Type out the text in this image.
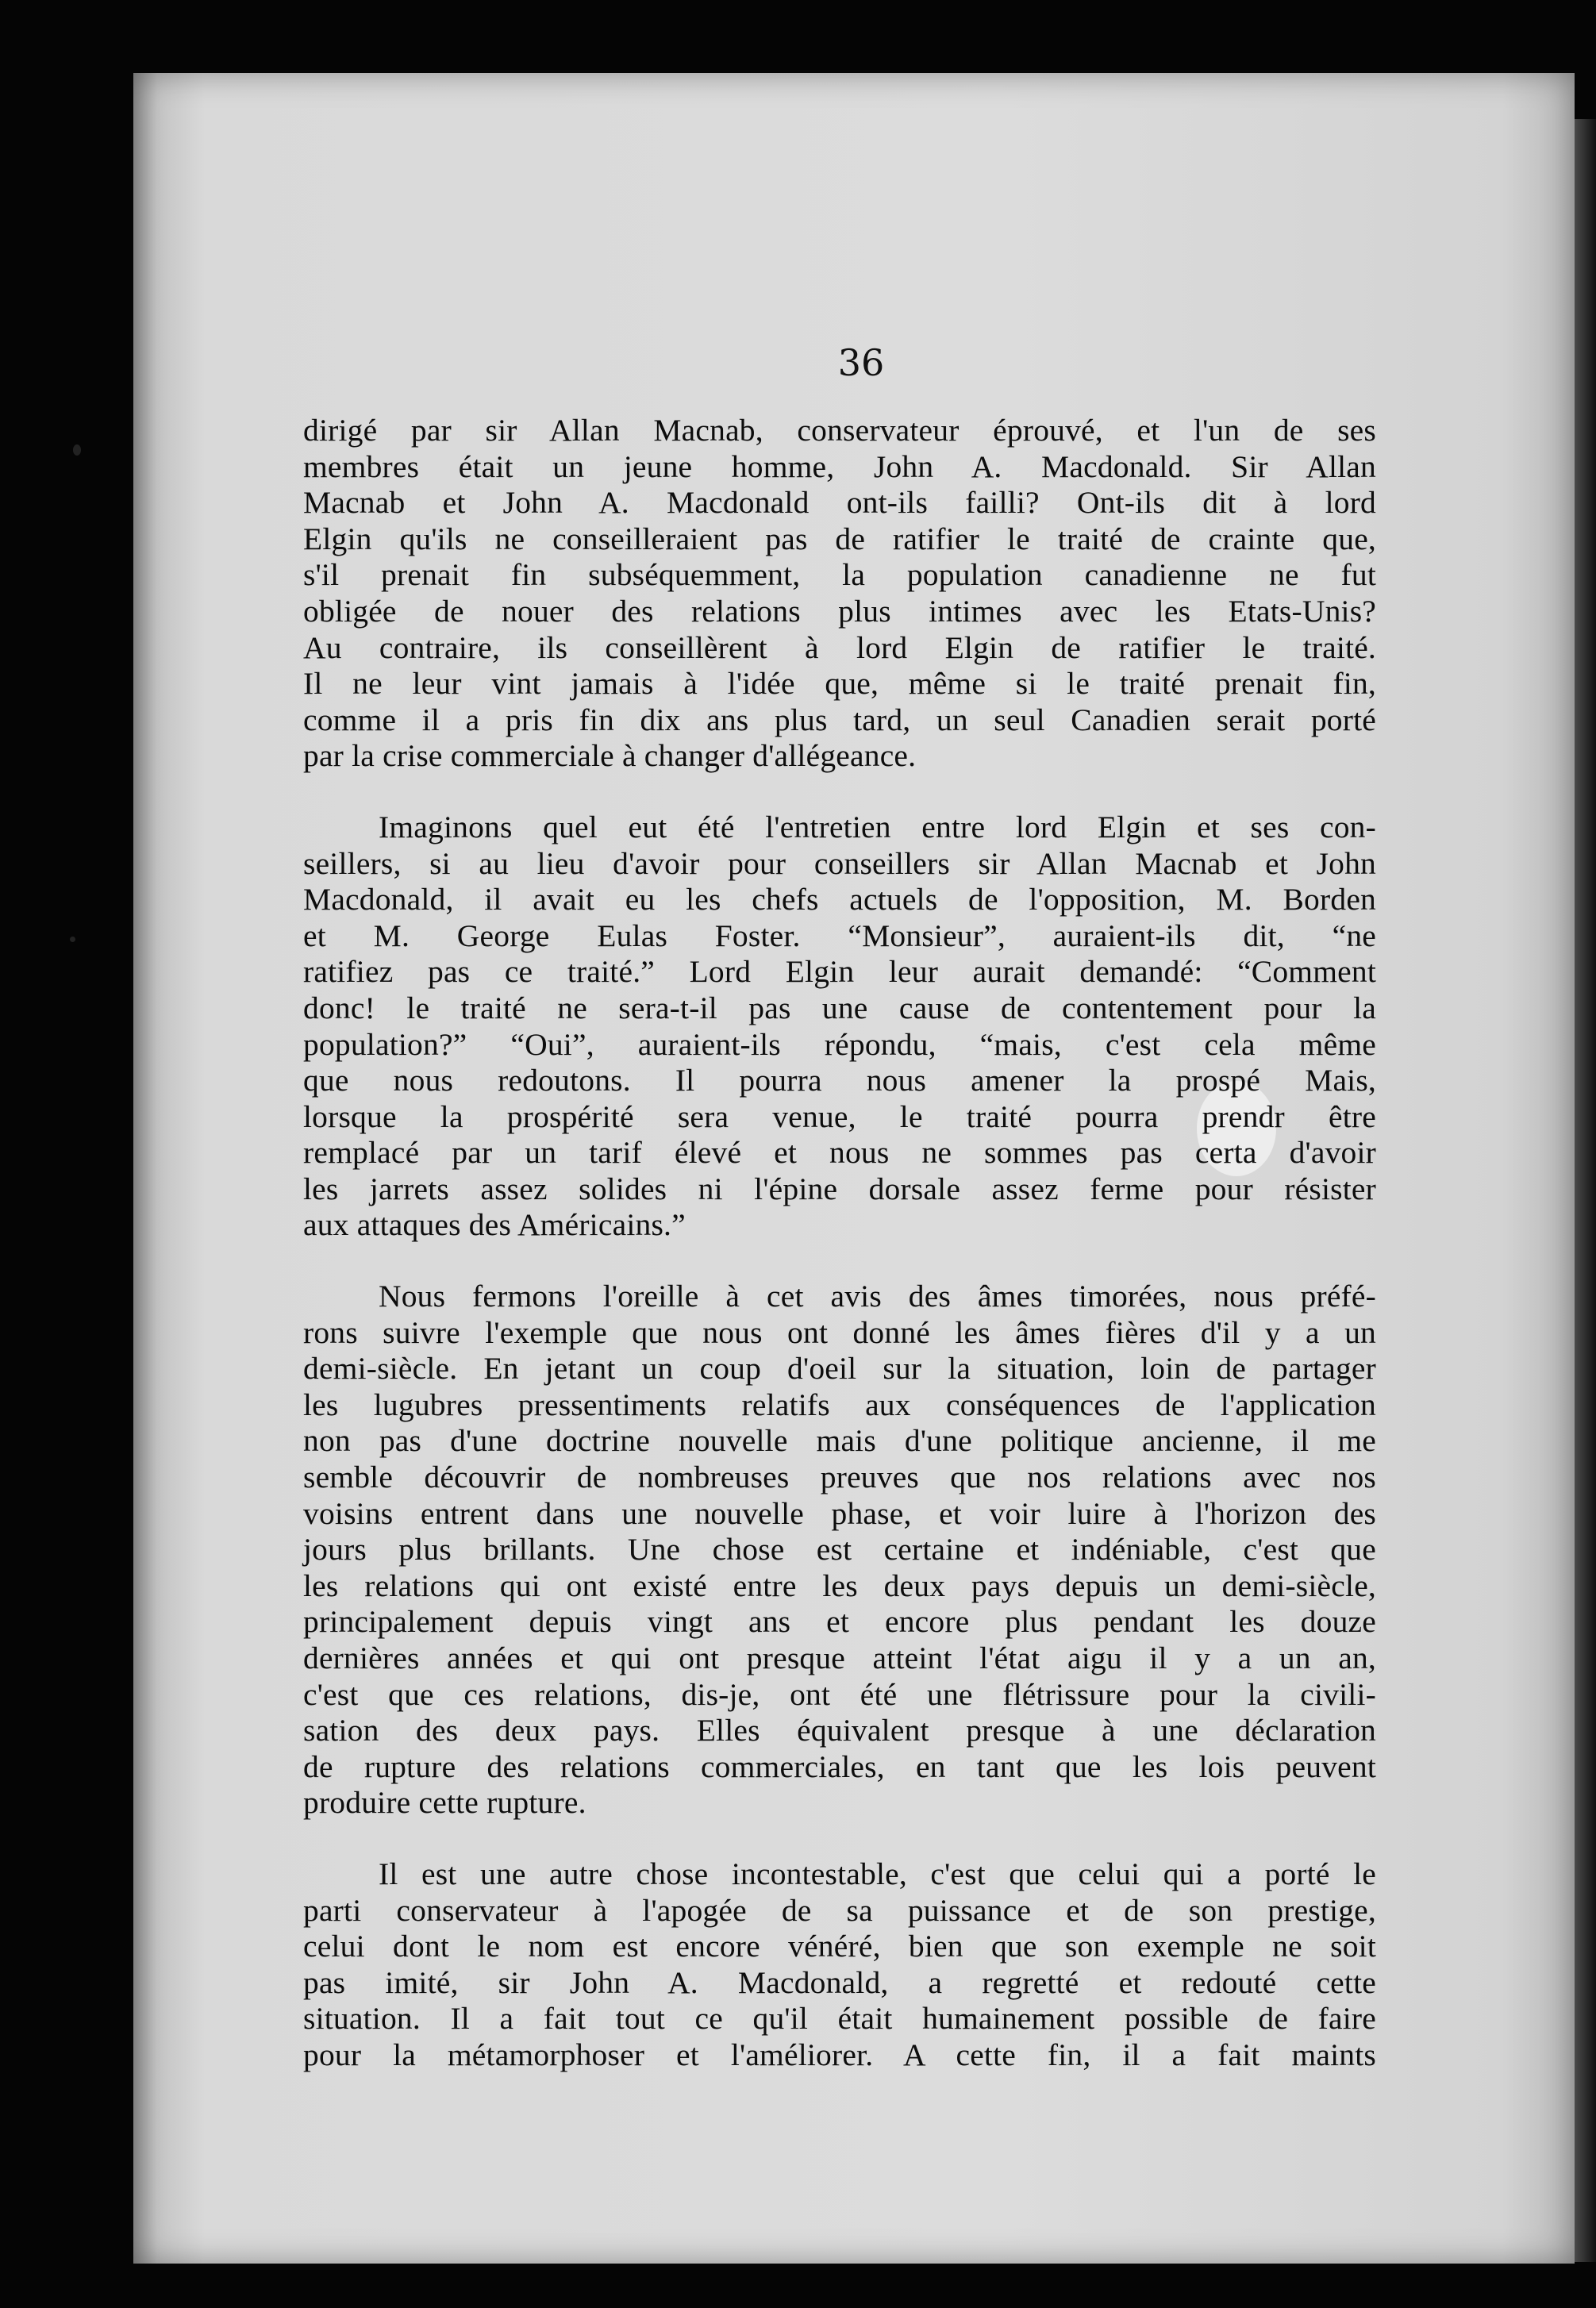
36
dirigé par sir Allan Macnab, conservateur éprouvé, et l'un de ses
membres était un jeune homme, John A. Macdonald. Sir Allan
Macnab et John A. Macdonald ont-ils failli? Ont-ils dit à lord
Elgin qu'ils ne conseilleraient pas de ratifier le traité de crainte que,
s'il prenait fin subséquemment, la population canadienne ne fut
obligée de nouer des relations plus intimes avec les Etats-Unis?
Au contraire, ils conseillèrent à lord Elgin de ratifier le traité.
Il ne leur vint jamais à l'idée que, même si le traité prenait fin,
comme il a pris fin dix ans plus tard, un seul Canadien serait porté
par la crise commerciale à changer d'allégeance.
Imaginons quel eut été l'entretien entre lord Elgin et ses con-
seillers, si au lieu d'avoir pour conseillers sir Allan Macnab et John
Macdonald, il avait eu les chefs actuels de l'opposition, M. Borden
et M. George Eulas Foster. “Monsieur”, auraient-ils dit, “ne
ratifiez pas ce traité.” Lord Elgin leur aurait demandé: “Comment
donc! le traité ne sera-t-il pas une cause de contentement pour la
population?” “Oui”, auraient-ils répondu, “mais, c'est cela même
que nous redoutons. Il pourra nous amener la prospé Mais,
lorsque la prospérité sera venue, le traité pourra prendr être
remplacé par un tarif élevé et nous ne sommes pas certa d'avoir
les jarrets assez solides ni l'épine dorsale assez ferme pour résister
aux attaques des Américains.”
Nous fermons l'oreille à cet avis des âmes timorées, nous préfé-
rons suivre l'exemple que nous ont donné les âmes fières d'il y a un
demi-siècle. En jetant un coup d'oeil sur la situation, loin de partager
les lugubres pressentiments relatifs aux conséquences de l'application
non pas d'une doctrine nouvelle mais d'une politique ancienne, il me
semble découvrir de nombreuses preuves que nos relations avec nos
voisins entrent dans une nouvelle phase, et voir luire à l'horizon des
jours plus brillants. Une chose est certaine et indéniable, c'est que
les relations qui ont existé entre les deux pays depuis un demi-siècle,
principalement depuis vingt ans et encore plus pendant les douze
dernières années et qui ont presque atteint l'état aigu il y a un an,
c'est que ces relations, dis-je, ont été une flétrissure pour la civili-
sation des deux pays. Elles équivalent presque à une déclaration
de rupture des relations commerciales, en tant que les lois peuvent
produire cette rupture.
Il est une autre chose incontestable, c'est que celui qui a porté le
parti conservateur à l'apogée de sa puissance et de son prestige,
celui dont le nom est encore vénéré, bien que son exemple ne soit
pas imité, sir John A. Macdonald, a regretté et redouté cette
situation. Il a fait tout ce qu'il était humainement possible de faire
pour la métamorphoser et l'améliorer. A cette fin, il a fait maints
